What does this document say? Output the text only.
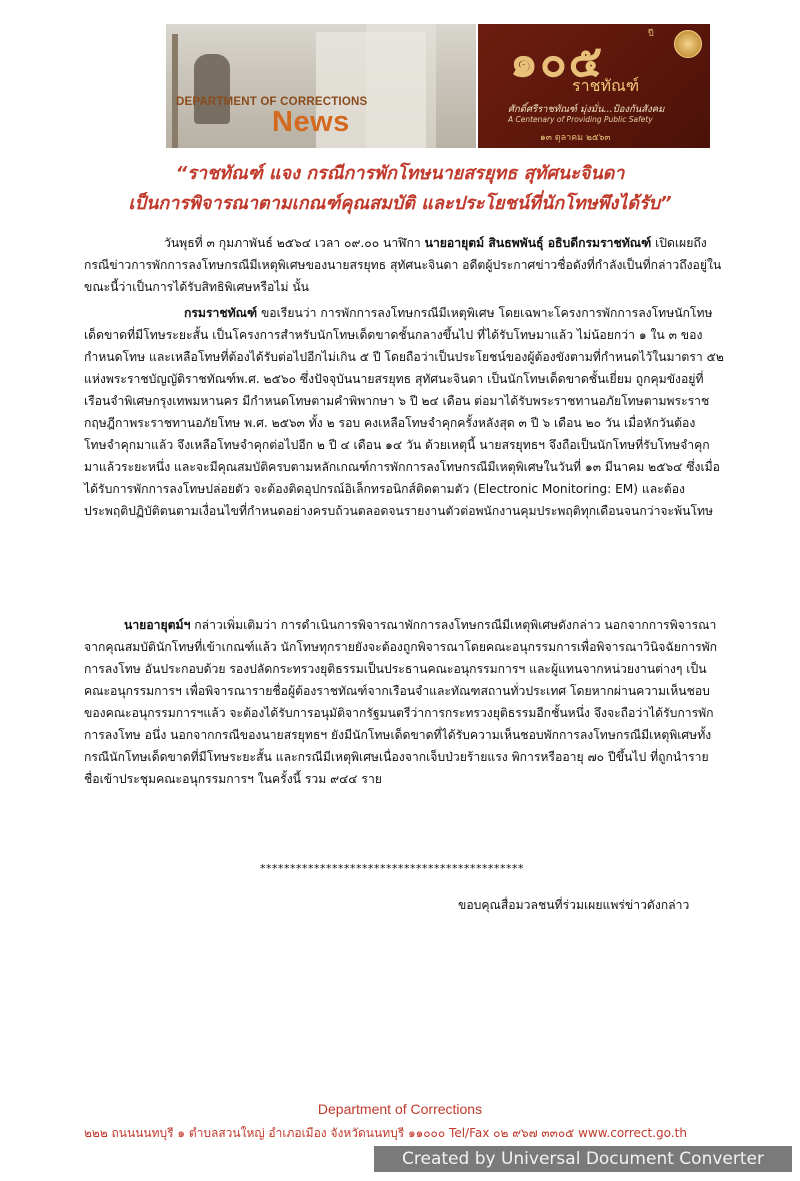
DEPARTMENT OF CORRECTIONS
News
๑๐๕
ปี
ราชทัณฑ์
ศักดิ์ศรีราชทัณฑ์ มุ่งมั่น...ป้องกันสังคม
A Centenary of Providing Public Safety
๑๓ ตุลาคม ๒๕๖๓
“ราชทัณฑ์ แจง กรณีการพักโทษนายสรยุทธ สุทัศนะจินดา
เป็นการพิจารณาตามเกณฑ์คุณสมบัติ และประโยชน์ที่นักโทษพึงได้รับ”

วันพุธที่ ๓ กุมภาพันธ์ ๒๕๖๔ เวลา ๐๙.๐๐ นาฬิกา นายอายุตม์ สินธพพันธุ์ อธิบดีกรมราชทัณฑ์ เปิดเผยถึง กรณีข่าวการพักการลงโทษกรณีมีเหตุพิเศษของนายสรยุทธ สุทัศนะจินดา อดีตผู้ประกาศข่าวชื่อดังที่กำลังเป็นที่กล่าวถึงอยู่ในขณะนี้ว่าเป็นการได้รับสิทธิพิเศษหรือไม่ นั้น

กรมราชทัณฑ์ ขอเรียนว่า การพักการลงโทษกรณีมีเหตุพิเศษ โดยเฉพาะโครงการพักการลงโทษนักโทษเด็ดขาดที่มีโทษระยะสั้น เป็นโครงการสำหรับนักโทษเด็ดขาดชั้นกลางขึ้นไป ที่ได้รับโทษมาแล้ว ไม่น้อยกว่า ๑ ใน ๓ ของกำหนดโทษ และเหลือโทษที่ต้องได้รับต่อไปอีกไม่เกิน ๕ ปี โดยถือว่าเป็นประโยชน์ของผู้ต้องขังตามที่กำหนดไว้ในมาตรา ๕๒ แห่งพระราชบัญญัติราชทัณฑ์พ.ศ. ๒๕๖๐ ซึ่งปัจจุบันนายสรยุทธ สุทัศนะจินดา เป็นนักโทษเด็ดขาดชั้นเยี่ยม ถูกคุมขังอยู่ที่เรือนจำพิเศษกรุงเทพมหานคร มีกำหนดโทษตามคำพิพากษา ๖ ปี ๒๔ เดือน ต่อมาได้รับพระราชทานอภัยโทษตามพระราชกฤษฎีกาพระราชทานอภัยโทษ พ.ศ. ๒๕๖๓ ทั้ง ๒ รอบ คงเหลือโทษจำคุกครั้งหลังสุด ๓ ปี ๖ เดือน ๒๐ วัน เมื่อหักวันต้องโทษจำคุกมาแล้ว จึงเหลือโทษจำคุกต่อไปอีก ๒ ปี ๔ เดือน ๑๔ วัน ด้วยเหตุนี้ นายสรยุทธฯ จึงถือเป็นนักโทษที่รับโทษจำคุกมาแล้วระยะหนึ่ง และจะมีคุณสมบัติครบตามหลักเกณฑ์การพักการลงโทษกรณีมีเหตุพิเศษในวันที่ ๑๓ มีนาคม ๒๕๖๔ ซึ่งเมื่อได้รับการพักการลงโทษปล่อยตัว จะต้องติดอุปกรณ์อิเล็กทรอนิกส์ติดตามตัว (Electronic Monitoring: EM) และต้องประพฤติปฏิบัติตนตามเงื่อนไขที่กำหนดอย่างครบถ้วนตลอดจนรายงานตัวต่อพนักงานคุมประพฤติทุกเดือนจนกว่าจะพ้นโทษ

นายอายุตม์ฯ กล่าวเพิ่มเติมว่า การดำเนินการพิจารณาพักการลงโทษกรณีมีเหตุพิเศษดังกล่าว นอกจากการพิจารณาจากคุณสมบัตินักโทษที่เข้าเกณฑ์แล้ว นักโทษทุกรายยังจะต้องถูกพิจารณาโดยคณะอนุกรรมการเพื่อพิจารณาวินิจฉัยการพักการลงโทษ อันประกอบด้วย รองปลัดกระทรวงยุติธรรมเป็นประธานคณะอนุกรรมการฯ และผู้แทนจากหน่วยงานต่างๆ เป็นคณะอนุกรรมการฯ เพื่อพิจารณารายชื่อผู้ต้องราชทัณฑ์จากเรือนจำและทัณฑสถานทั่วประเทศ โดยหากผ่านความเห็นชอบของคณะอนุกรรมการฯแล้ว จะต้องได้รับการอนุมัติจากรัฐมนตรีว่าการกระทรวงยุติธรรมอีกชั้นหนึ่ง จึงจะถือว่าได้รับการพักการลงโทษ อนึ่ง นอกจากกรณีของนายสรยุทธฯ ยังมีนักโทษเด็ดขาดที่ได้รับความเห็นชอบพักการลงโทษกรณีมีเหตุพิเศษทั้งกรณีนักโทษเด็ดขาดที่มีโทษระยะสั้น และกรณีมีเหตุพิเศษเนื่องจากเจ็บป่วยร้ายแรง พิการหรืออายุ ๗๐ ปีขึ้นไป ที่ถูกนำรายชื่อเข้าประชุมคณะอนุกรรมการฯ ในครั้งนี้ รวม ๙๔๔ ราย

********************************************
ขอบคุณสื่อมวลชนที่ร่วมเผยแพร่ข่าวดังกล่าว
Department of Corrections
๒๒๒ ถนนนนทบุรี ๑ ตำบลสวนใหญ่ อำเภอเมือง จังหวัดนนทบุรี ๑๑๐๐๐ Tel/Fax ๐๒ ๙๖๗ ๓๓๐๕ www.correct.go.th
Created by Universal Document Converter
